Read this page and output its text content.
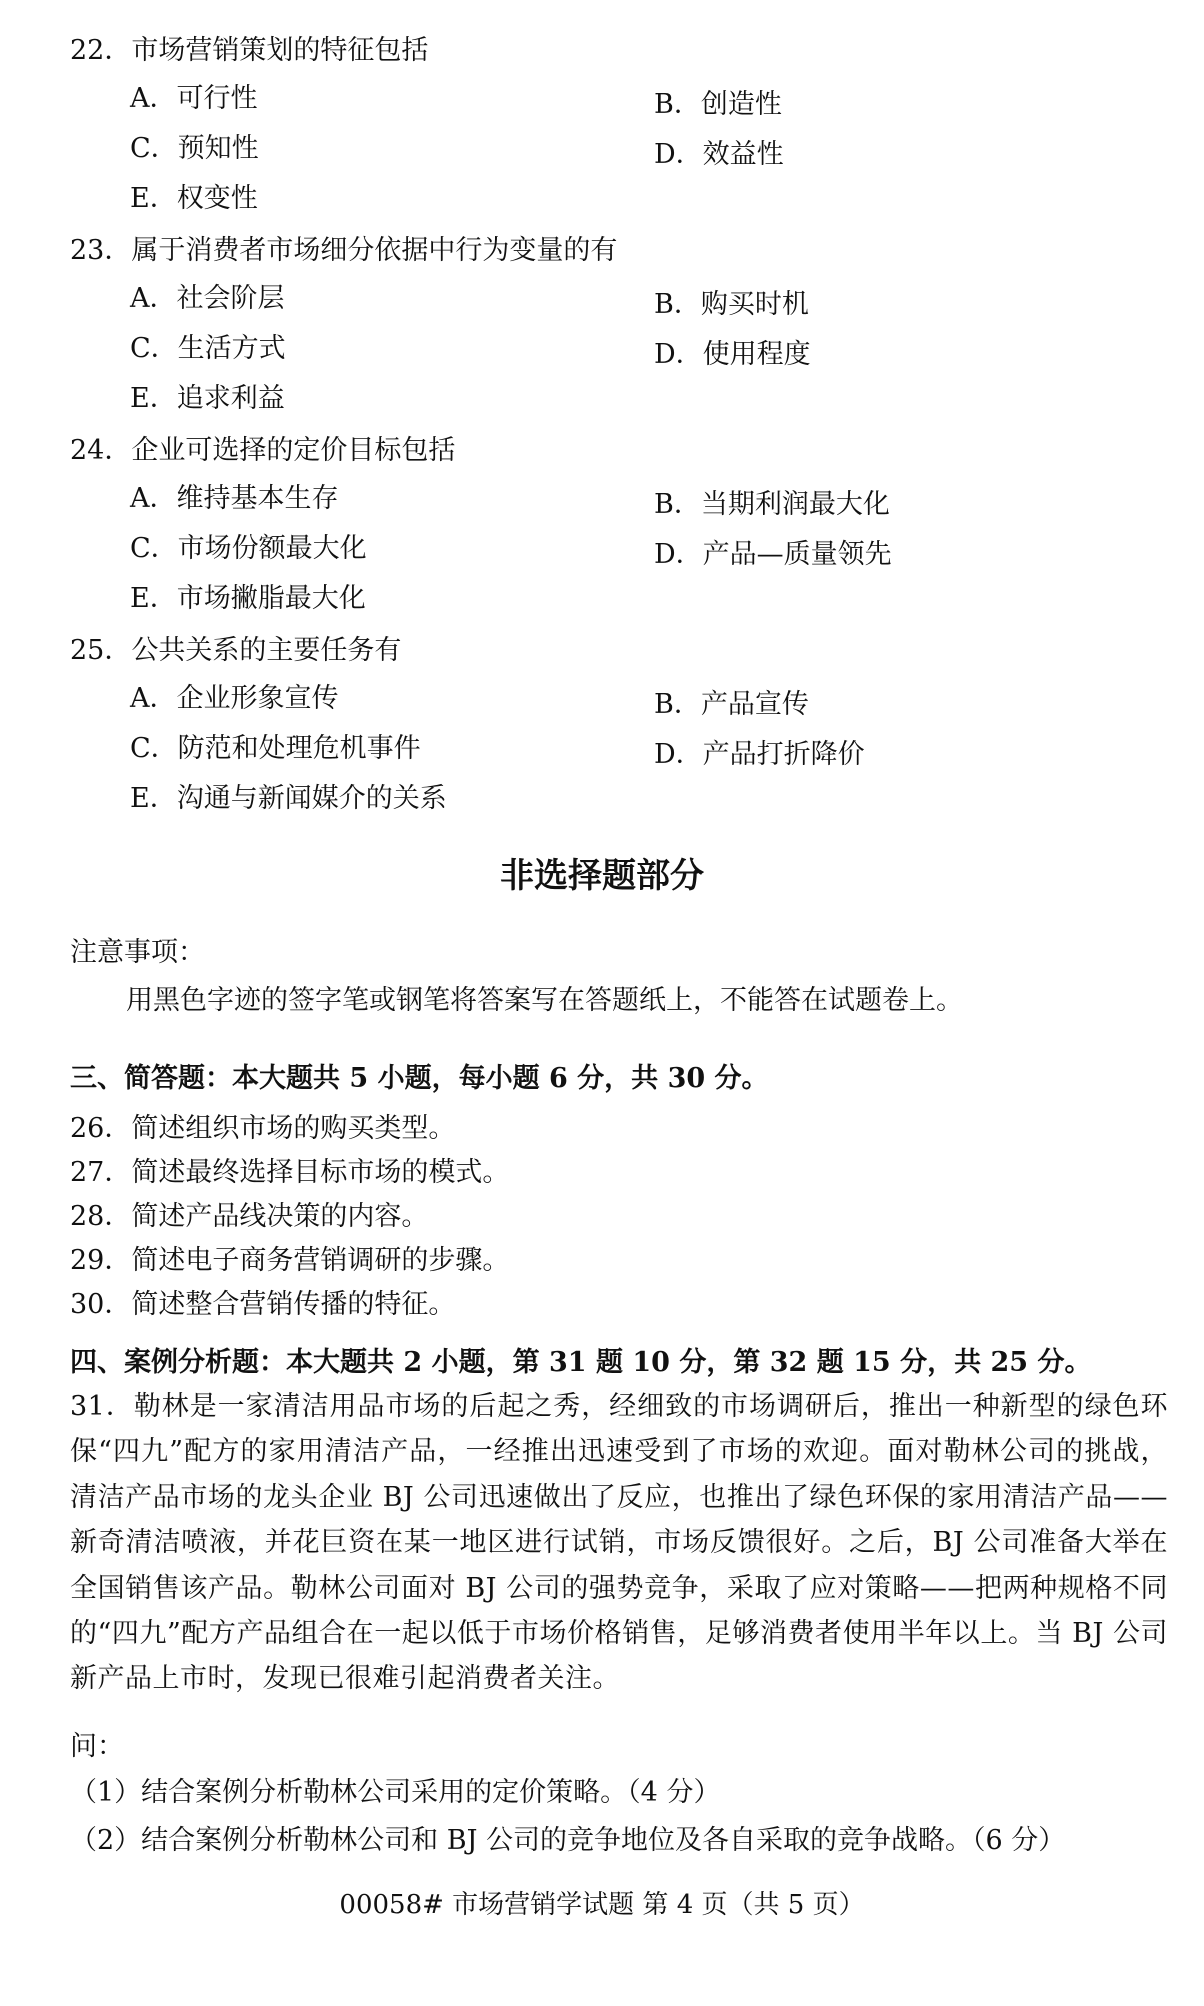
22．市场营销策划的特征包括
A．可行性	B．创造性
C．预知性	D．效益性
E．权变性
23．属于消费者市场细分依据中行为变量的有
A．社会阶层	B．购买时机
C．生活方式	D．使用程度
E．追求利益
24．企业可选择的定价目标包括
A．维持基本生存	B．当期利润最大化
C．市场份额最大化	D．产品—质量领先
E．市场撇脂最大化
25．公共关系的主要任务有
A．企业形象宣传	B．产品宣传
C．防范和处理危机事件	D．产品打折降价
E．沟通与新闻媒介的关系
非选择题部分
注意事项：
用黑色字迹的签字笔或钢笔将答案写在答题纸上，不能答在试题卷上。
三、简答题：本大题共 5 小题，每小题 6 分，共 30 分。
26．简述组织市场的购买类型。
27．简述最终选择目标市场的模式。
28．简述产品线决策的内容。
29．简述电子商务营销调研的步骤。
30．简述整合营销传播的特征。
四、案例分析题：本大题共 2 小题，第 31 题 10 分，第 32 题 15 分，共 25 分。
31．勒林是一家清洁用品市场的后起之秀，经细致的市场调研后，推出一种新型的绿色环保“四九”配方的家用清洁产品，一经推出迅速受到了市场的欢迎。面对勒林公司的挑战，清洁产品市场的龙头企业 BJ 公司迅速做出了反应，也推出了绿色环保的家用清洁产品——新奇清洁喷液，并花巨资在某一地区进行试销，市场反馈很好。之后，BJ 公司准备大举在全国销售该产品。勒林公司面对 BJ 公司的强势竞争，采取了应对策略——把两种规格不同的“四九”配方产品组合在一起以低于市场价格销售，足够消费者使用半年以上。当 BJ 公司新产品上市时，发现已很难引起消费者关注。
问：
（1）结合案例分析勒林公司采用的定价策略。（4 分）
（2）结合案例分析勒林公司和 BJ 公司的竞争地位及各自采取的竞争战略。（6 分）
00058# 市场营销学试题 第 4 页（共 5 页）
